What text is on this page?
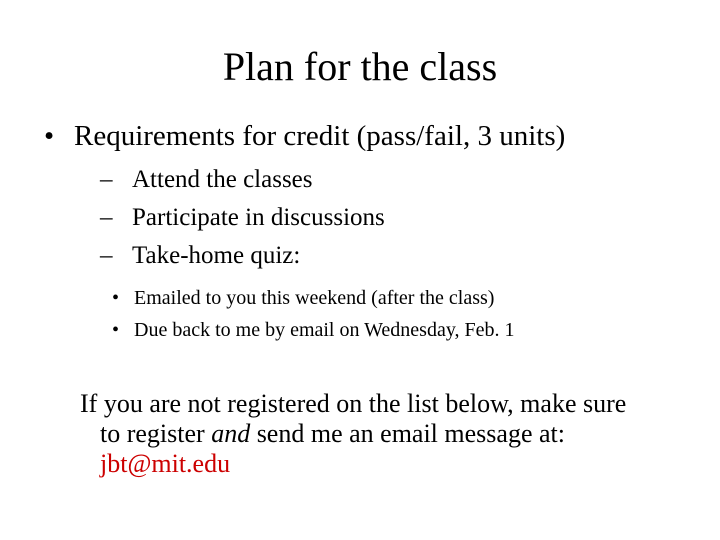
Plan for the class
• Requirements for credit (pass/fail, 3 units)
– Attend the classes
– Participate in discussions
– Take-home quiz:
• Emailed to you this weekend (after the class)
• Due back to me by email on Wednesday, Feb. 1
If you are not registered on the list below, make sure
to register and send me an email message at:
jbt@mit.edu
